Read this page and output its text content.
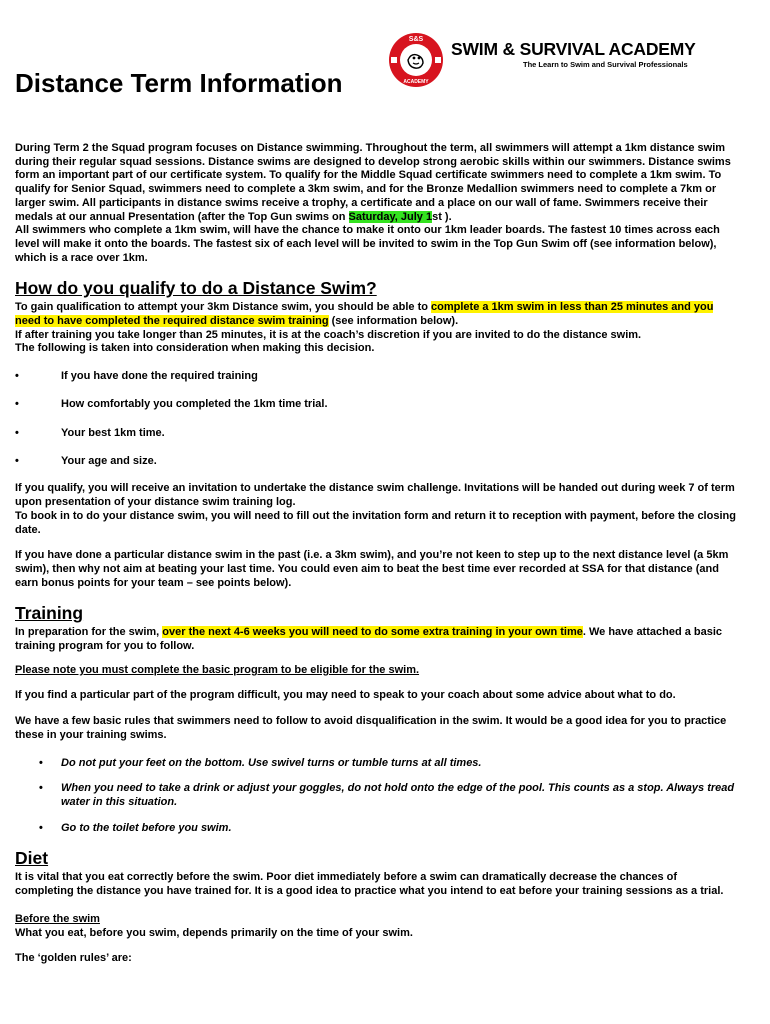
S&S
ACADEMY
SWIM & SURVIVAL ACADEMY
The Learn to Swim and Survival Professionals
Distance Term Information

During Term 2 the Squad program focuses on Distance swimming. Throughout the term, all swimmers will attempt a 1km distance swim during their regular squad sessions. Distance swims are designed to develop strong aerobic skills within our swimmers. Distance swims form an important part of our certificate system. To qualify for the Middle Squad certificate swimmers need to complete a 1km swim. To qualify for Senior Squad, swimmers need to complete a 3km swim, and for the Bronze Medallion swimmers need to complete a 7km or larger swim. All participants in distance swims receive a trophy, a certificate and a place on our wall of fame. Swimmers receive their medals at our annual Presentation (after the Top Gun swims on Saturday, July 1st ).

All swimmers who complete a 1km swim, will have the chance to make it onto our 1km leader boards. The fastest 10 times across each level will make it onto the boards. The fastest six of each level will be invited to swim in the Top Gun Swim off (see information below), which is a race over 1km.

How do you qualify to do a Distance Swim?

To gain qualification to attempt your 3km Distance swim, you should be able to complete a 1km swim in less than 25 minutes and you need to have completed the required distance swim training (see information below).

If after training you take longer than 25 minutes, it is at the coach’s discretion if you are invited to do the distance swim.

The following is taken into consideration when making this decision.

•	If you have done the required training
•	How comfortably you completed the 1km time trial.
•	Your best 1km time.
•	Your age and size.

If you qualify, you will receive an invitation to undertake the distance swim challenge. Invitations will be handed out during week 7 of term upon presentation of your distance swim training log.

To book in to do your distance swim, you will need to fill out the invitation form and return it to reception with payment, before the closing date.

If you have done a particular distance swim in the past (i.e. a 3km swim), and you’re not keen to step up to the next distance level (a 5km swim), then why not aim at beating your last time. You could even aim to beat the best time ever recorded at SSA for that distance (and earn bonus points for your team – see points below).

Training

In preparation for the swim, over the next 4-6 weeks you will need to do some extra training in your own time. We have attached a basic training program for you to follow.

Please note you must complete the basic program to be eligible for the swim.

If you find a particular part of the program difficult, you may need to speak to your coach about some advice about what to do.

We have a few basic rules that swimmers need to follow to avoid disqualification in the swim. It would be a good idea for you to practice these in your training swims.

• Do not put your feet on the bottom. Use swivel turns or tumble turns at all times.
• When you need to take a drink or adjust your goggles, do not hold onto the edge of the pool. This counts as a stop. Always tread water in this situation.
• Go to the toilet before you swim.
Diet

It is vital that you eat correctly before the swim. Poor diet immediately before a swim can dramatically decrease the chances of completing the distance you have trained for. It is a good idea to practice what you intend to eat before your training sessions as a trial.

Before the swim

What you eat, before you swim, depends primarily on the time of your swim.

The ‘golden rules’ are:
